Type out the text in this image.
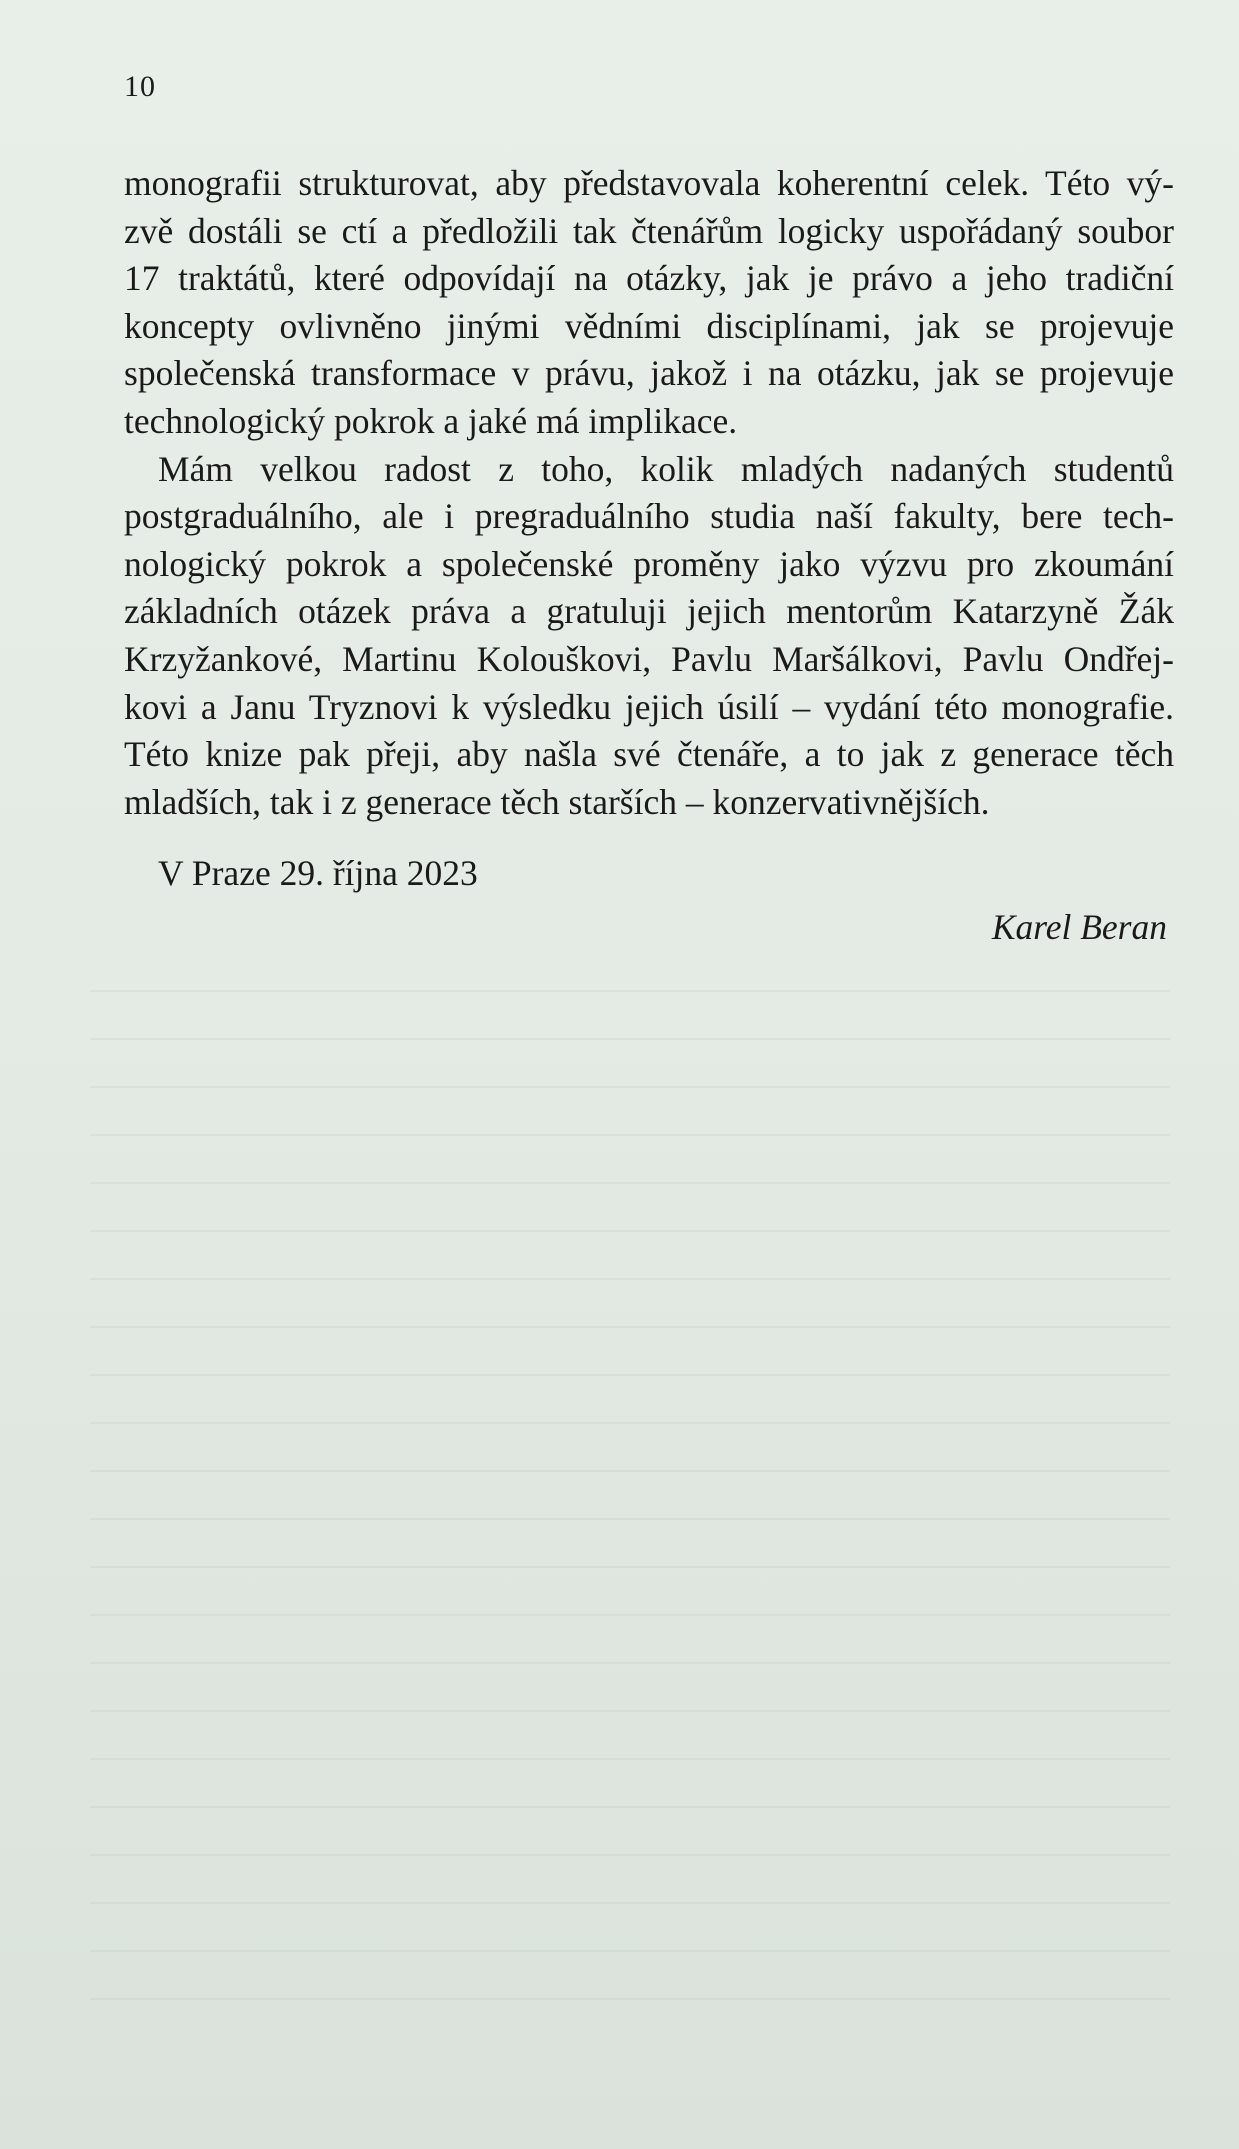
10
monografii strukturovat, aby představovala koherentní celek. Této vý-
zvě dostáli se ctí a předložili tak čtenářům logicky uspořádaný soubor
17 traktátů, které odpovídají na otázky, jak je právo a jeho tradiční
koncepty ovlivněno jinými vědními disciplínami, jak se projevuje
společenská transformace v právu, jakož i na otázku, jak se projevuje
technologický pokrok a jaké má implikace.
Mám velkou radost z toho, kolik mladých nadaných studentů
postgraduálního, ale i pregraduálního studia naší fakulty, bere tech-
nologický pokrok a společenské proměny jako výzvu pro zkoumání
základních otázek práva a gratuluji jejich mentorům Katarzyně Žák
Krzyžankové, Martinu Kolouškovi, Pavlu Maršálkovi, Pavlu Ondřej-
kovi a Janu Tryznovi k výsledku jejich úsilí – vydání této monografie.
Této knize pak přeji, aby našla své čtenáře, a to jak z generace těch
mladších, tak i z generace těch starších – konzervativnějších.
V Praze 29. října 2023
Karel Beran
